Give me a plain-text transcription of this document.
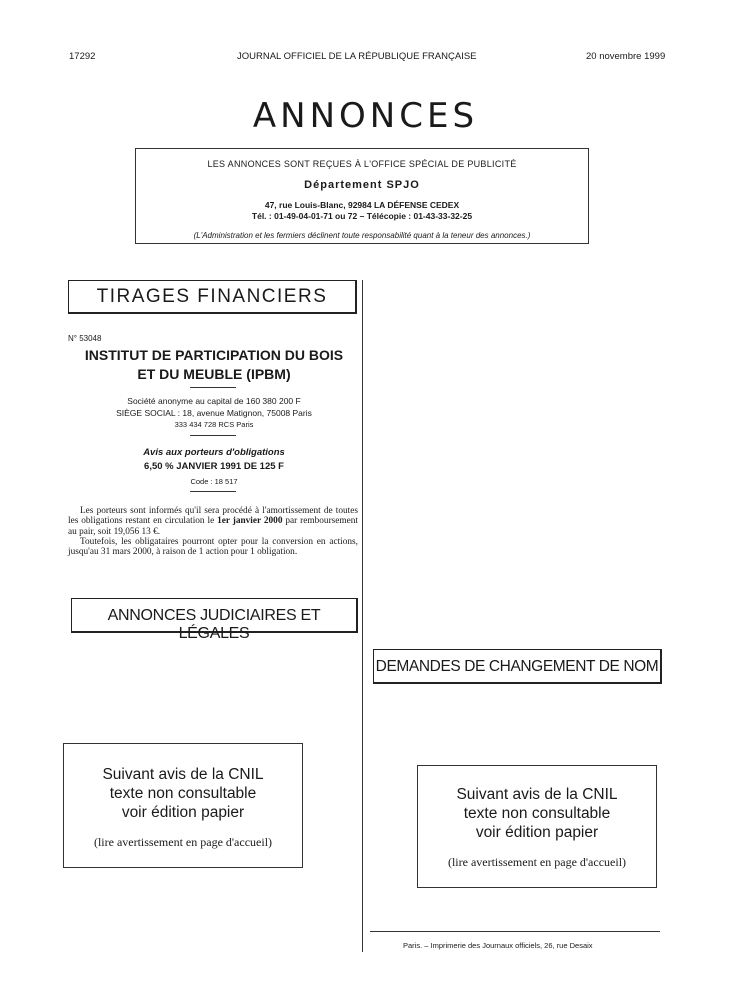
17292	JOURNAL OFFICIEL DE LA RÉPUBLIQUE FRANÇAISE	20 novembre 1999
ANNONCES
LES ANNONCES SONT REÇUES À L'OFFICE SPÉCIAL DE PUBLICITÉ
Département SPJO
47, rue Louis-Blanc, 92984 LA DÉFENSE CEDEX
Tél. : 01-49-04-01-71 ou 72 – Télécopie : 01-43-33-32-25
(L'Administration et les fermiers déclinent toute responsabilité quant à la teneur des annonces.)
TIRAGES FINANCIERS
N° 53048
INSTITUT DE PARTICIPATION DU BOIS
ET DU MEUBLE (IPBM)
Société anonyme au capital de 160 380 200 F
SIÈGE SOCIAL : 18, avenue Matignon, 75008 Paris
333 434 728 RCS Paris
Avis aux porteurs d'obligations
6,50 % JANVIER 1991 DE 125 F
Code : 18 517

Les porteurs sont informés qu'il sera procédé à l'amortissement de toutes les obligations restant en circulation le 1er janvier 2000 par remboursement au pair, soit 19,056 13 €.

Toutefois, les obligataires pourront opter pour la conversion en actions, jusqu'au 31 mars 2000, à raison de 1 action pour 1 obligation.

ANNONCES JUDICIAIRES ET LÉGALES
DEMANDES DE CHANGEMENT DE NOM
Suivant avis de la CNIL
texte non consultable
voir édition papier
(lire avertissement en page d'accueil)
Suivant avis de la CNIL
texte non consultable
voir édition papier
(lire avertissement en page d'accueil)
Paris. – Imprimerie des Journaux officiels, 26, rue Desaix
